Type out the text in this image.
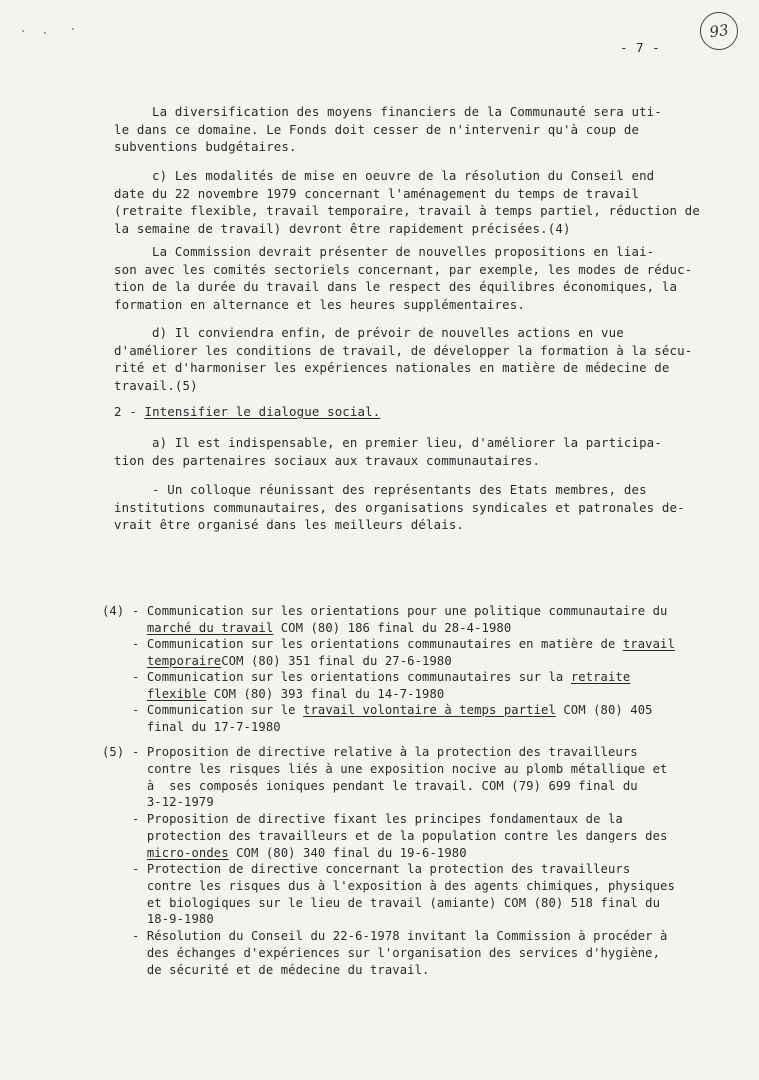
93
- 7 -
La diversification des moyens financiers de la Communauté sera uti-
le dans ce domaine. Le Fonds doit cesser de n'intervenir qu'à coup de
subventions budgétaires.
c) Les modalités de mise en oeuvre de la résolution du Conseil end
date du 22 novembre 1979 concernant l'aménagement du temps de travail
(retraite flexible, travail temporaire, travail à temps partiel, réduction de
la semaine de travail) devront être rapidement précisées.(4)
La Commission devrait présenter de nouvelles propositions en liai-
son avec les comités sectoriels concernant, par exemple, les modes de réduc-
tion de la durée du travail dans le respect des équilibres économiques, la
formation en alternance et les heures supplémentaires.
d) Il conviendra enfin, de prévoir de nouvelles actions en vue
d'améliorer les conditions de travail, de développer la formation à la sécu-
rité et d'harmoniser les expériences nationales en matière de médecine de
travail.(5)
2 - Intensifier le dialogue social.
a) Il est indispensable, en premier lieu, d'améliorer la participa-
tion des partenaires sociaux aux travaux communautaires.
- Un colloque réunissant des représentants des Etats membres, des
institutions communautaires, des organisations syndicales et patronales de-
vrait être organisé dans les meilleurs délais.
(4) - Communication sur les orientations pour une politique communautaire du
marché du travail COM (80) 186 final du 28-4-1980
- Communication sur les orientations communautaires en matière de travail
temporaireCOM (80) 351 final du 27-6-1980
- Communication sur les orientations communautaires sur la retraite
flexible COM (80) 393 final du 14-7-1980
- Communication sur le travail volontaire à temps partiel COM (80) 405
final du 17-7-1980
(5) - Proposition de directive relative à la protection des travailleurs
contre les risques liés à une exposition nocive au plomb métallique et
à  ses composés ioniques pendant le travail. COM (79) 699 final du
3-12-1979
- Proposition de directive fixant les principes fondamentaux de la
protection des travailleurs et de la population contre les dangers des
micro-ondes COM (80) 340 final du 19-6-1980
- Protection de directive concernant la protection des travailleurs
contre les risques dus à l'exposition à des agents chimiques, physiques
et biologiques sur le lieu de travail (amiante) COM (80) 518 final du
18-9-1980
- Résolution du Conseil du 22-6-1978 invitant la Commission à procéder à
des échanges d'expériences sur l'organisation des services d'hygiène,
de sécurité et de médecine du travail.
